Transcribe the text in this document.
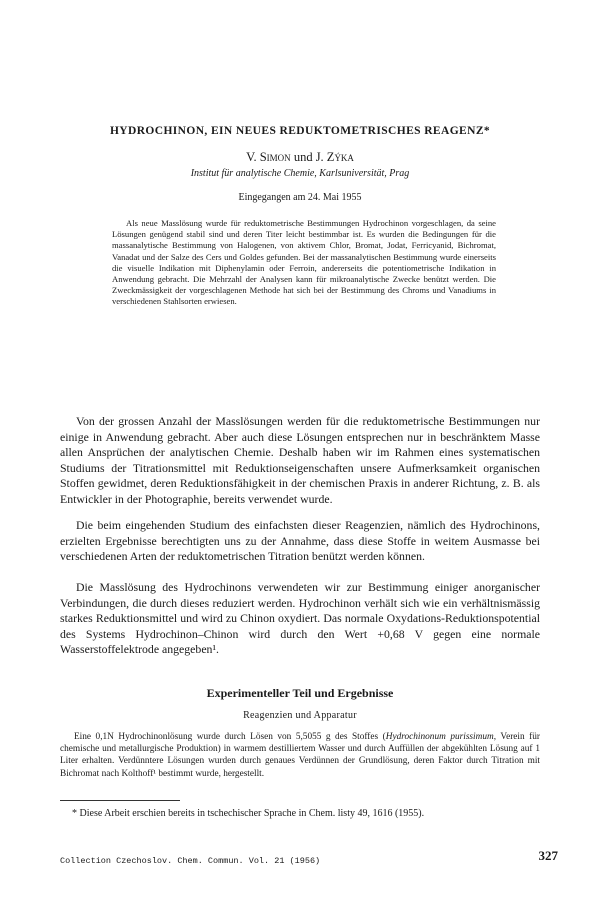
HYDROCHINON, EIN NEUES REDUKTOMETRISCHES REAGENZ*
V. Simon und J. Zýka
Institut für analytische Chemie, Karlsuniversität, Prag
Eingegangen am 24. Mai 1955

Als neue Masslösung wurde für reduktometrische Bestimmungen Hydrochinon vorgeschlagen, da seine Lösungen genügend stabil sind und deren Titer leicht bestimmbar ist. Es wurden die Bedingungen für die massanalytische Bestimmung von Halogenen, von aktivem Chlor, Bromat, Jodat, Ferricyanid, Bichromat, Vanadat und der Salze des Cers und Goldes gefunden. Bei der massanalytischen Bestimmung wurde einerseits die visuelle Indikation mit Diphenylamin oder Ferroin, andererseits die potentiometrische Indikation in Anwendung gebracht. Die Mehrzahl der Analysen kann für mikroanalytische Zwecke benützt werden. Die Zweckmässigkeit der vorgeschlagenen Methode hat sich bei der Bestimmung des Chroms und Vanadiums in verschiedenen Stahlsorten erwiesen.

Von der grossen Anzahl der Masslösungen werden für die reduktometrische Bestimmungen nur einige in Anwendung gebracht. Aber auch diese Lösungen entsprechen nur in beschränktem Masse allen Ansprüchen der analytischen Chemie. Deshalb haben wir im Rahmen eines systematischen Studiums der Titrationsmittel mit Reduktionseigenschaften unsere Aufmerksamkeit organischen Stoffen gewidmet, deren Reduktionsfähigkeit in der chemischen Praxis in anderer Richtung, z. B. als Entwickler in der Photographie, bereits verwendet wurde.

Die beim eingehenden Studium des einfachsten dieser Reagenzien, nämlich des Hydrochinons, erzielten Ergebnisse berechtigten uns zu der Annahme, dass diese Stoffe in weitem Ausmasse bei verschiedenen Arten der reduktometrischen Titration benützt werden können.

Die Masslösung des Hydrochinons verwendeten wir zur Bestimmung einiger anorganischer Verbindungen, die durch dieses reduziert werden. Hydrochinon verhält sich wie ein verhältnismässig starkes Reduktionsmittel und wird zu Chinon oxydiert. Das normale Oxydations-Reduktionspotential des Systems Hydrochinon–Chinon wird durch den Wert +0,68 V gegen eine normale Wasserstoffelektrode angegeben¹.

Experimenteller Teil und Ergebnisse
Reagenzien und Apparatur

Eine 0,1N Hydrochinonlösung wurde durch Lösen von 5,5055 g des Stoffes (Hydrochinonum purissimum, Verein für chemische und metallurgische Produktion) in warmem destilliertem Wasser und durch Auffüllen der abgekühlten Lösung auf 1 Liter erhalten. Verdünntere Lösungen wurden durch genaues Verdünnen der Grundlösung, deren Faktor durch Titration mit Bichromat nach Kolthoff¹ bestimmt wurde, hergestellt.

* Diese Arbeit erschien bereits in tschechischer Sprache in Chem. listy 49, 1616 (1955).

Collection Czechoslov. Chem. Commun. Vol. 21 (1956)	327
